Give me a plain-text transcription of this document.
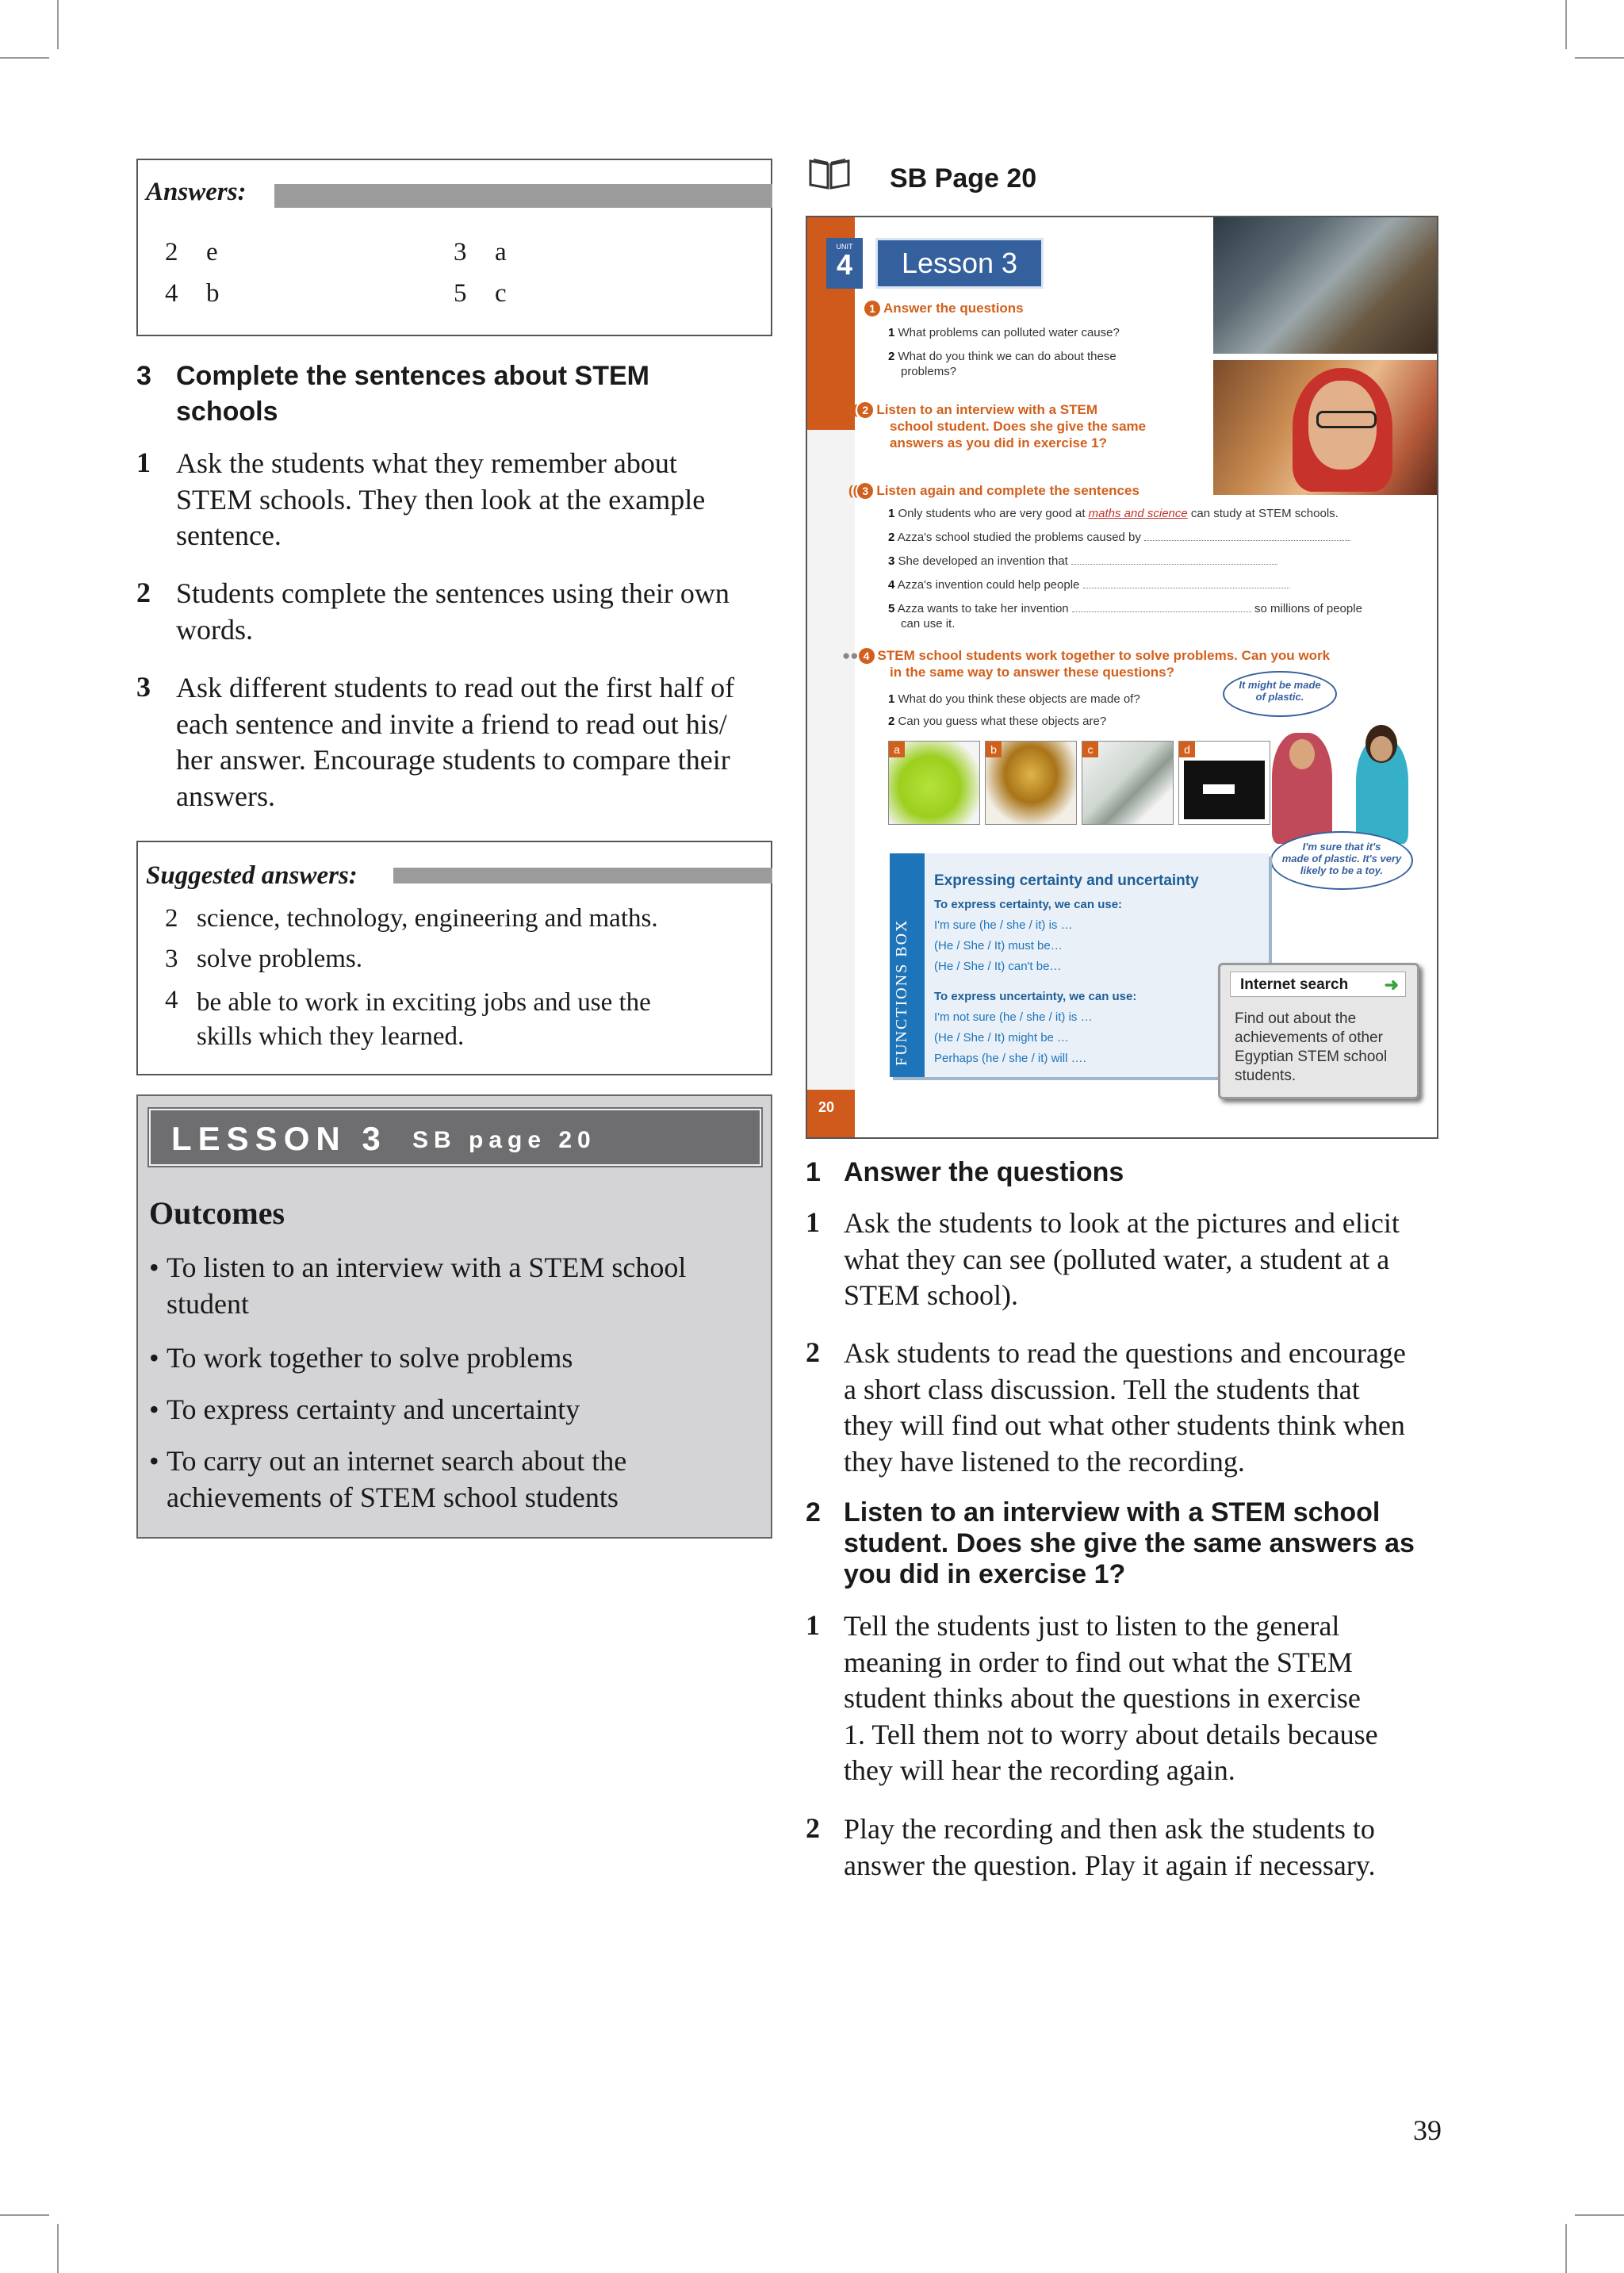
Answers:
2 e	3 a
4 b	5 c
3 Complete the sentences about STEM
schools
1 Ask the students what they remember about
STEM schools. They then look at the example
sentence.
2 Students complete the sentences using their own
words.
3 Ask different students to read out the first half of
each sentence and invite a friend to read out his/
her answer. Encourage students to compare their
answers.
Suggested answers:
2 science, technology, engineering and maths.
3 solve problems.
4 be able to work in exciting jobs and use the
skills which they learned.
LESSON 3 SB page 20
Outcomes
• To listen to an interview with a STEM school
student
• To work together to solve problems
• To express certainty and uncertainty
• To carry out an internet search about the
achievements of STEM school students
SB Page 20
20
UNIT
4	Lesson 3
1 Answer the questions
1 What problems can polluted water cause?
2 What do you think we can do about these
problems?
(( 2 Listen to an interview with a STEM
school student. Does she give the same
answers as you did in exercise 1?
(( 3 Listen again and complete the sentences
1 Only students who are very good at maths and science can study at STEM schools.
2 Azza's school studied the problems caused by
3 She developed an invention that
4 Azza's invention could help people
5 Azza wants to take her invention	so millions of people
can use it.
●● 4 STEM school students work together to solve problems. Can you work
in the same way to answer these questions?
1 What do you think these objects are made of?
2 Can you guess what these objects are?
a	b	c	d
It might be made
of plastic.
I'm sure that it's
made of plastic. It's very
likely to be a toy.
FUNCTIONS BOX
Expressing certainty and uncertainty
To express certainty, we can use:
I'm sure (he / she / it) is …
(He / She / It) must be…
(He / She / It) can't be…
To express uncertainty, we can use:
I'm not sure (he / she / it) is …
(He / She / It) might be …
Perhaps (he / she / it) will ….
Internet search ➜
Find out about the
achievements of other
Egyptian STEM school
students.
1 Answer the questions
1 Ask the students to look at the pictures and elicit
what they can see (polluted water, a student at a
STEM school).
2 Ask students to read the questions and encourage
a short class discussion. Tell the students that
they will find out what other students think when
they have listened to the recording.
2 Listen to an interview with a STEM school
student. Does she give the same answers as
you did in exercise 1?
1 Tell the students just to listen to the general
meaning in order to find out what the STEM
student thinks about the questions in exercise
1. Tell them not to worry about details because
they will hear the recording again.
2 Play the recording and then ask the students to
answer the question. Play it again if necessary.
39
